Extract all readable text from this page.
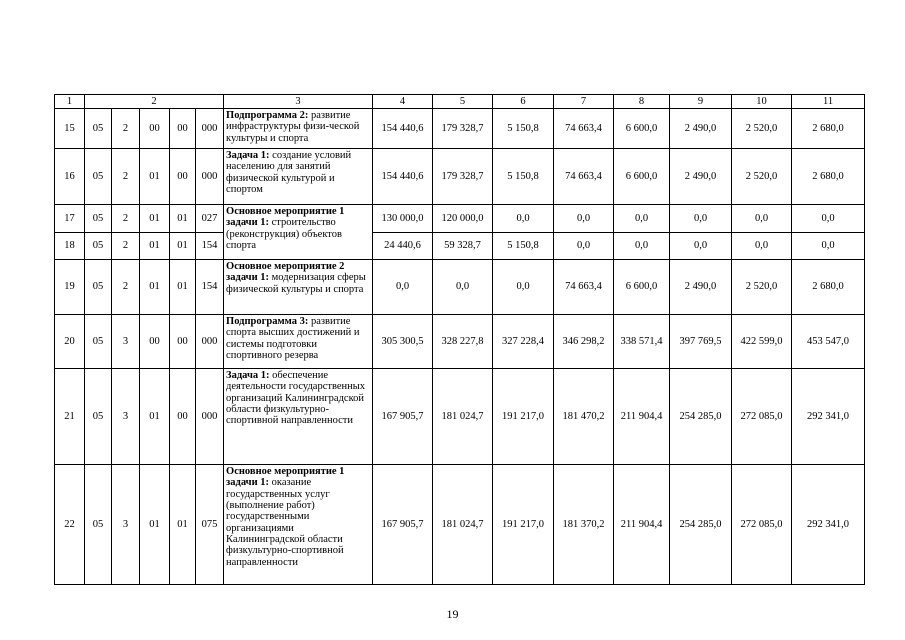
1	2					3	4	5	6	7	8	9	10	11
15	05	2	00	00	000	Подпрограмма 2: развитие инфраструктуры физи-ческой культуры и спорта	154 440,6	179 328,7	5 150,8	74 663,4	6 600,0	2 490,0	2 520,0	2 680,0
16	05	2	01	00	000	Задача 1: создание условий населению для занятий физической культурой и спортом	154 440,6	179 328,7	5 150,8	74 663,4	6 600,0	2 490,0	2 520,0	2 680,0
17	05	2	01	01	027	Основное мероприятие 1 задачи 1: строительство (реконструкция) объектов спорта	130 000,0	120 000,0	0,0	0,0	0,0	0,0	0,0	0,0
18	05	2	01	01	154		24 440,6	59 328,7	5 150,8	0,0	0,0	0,0	0,0	0,0
19	05	2	01	01	154	Основное мероприятие 2 задачи 1: модернизация сферы физической культуры и спорта	0,0	0,0	0,0	74 663,4	6 600,0	2 490,0	2 520,0	2 680,0
20	05	3	00	00	000	Подпрограмма 3: развитие спорта высших достижений и системы подготовки спортивного резерва	305 300,5	328 227,8	327 228,4	346 298,2	338 571,4	397 769,5	422 599,0	453 547,0
21	05	3	01	00	000	Задача 1: обеспечение деятельности государственных организаций Калининградской области физкультурно-спортивной направленности	167 905,7	181 024,7	191 217,0	181 470,2	211 904,4	254 285,0	272 085,0	292 341,0
22	05	3	01	01	075	Основное мероприятие 1 задачи 1: оказание государственных услуг (выполнение работ) государственными организациями Калининградской области физкультурно-спортивной направленности	167 905,7	181 024,7	191 217,0	181 370,2	211 904,4	254 285,0	272 085,0	292 341,0
19
